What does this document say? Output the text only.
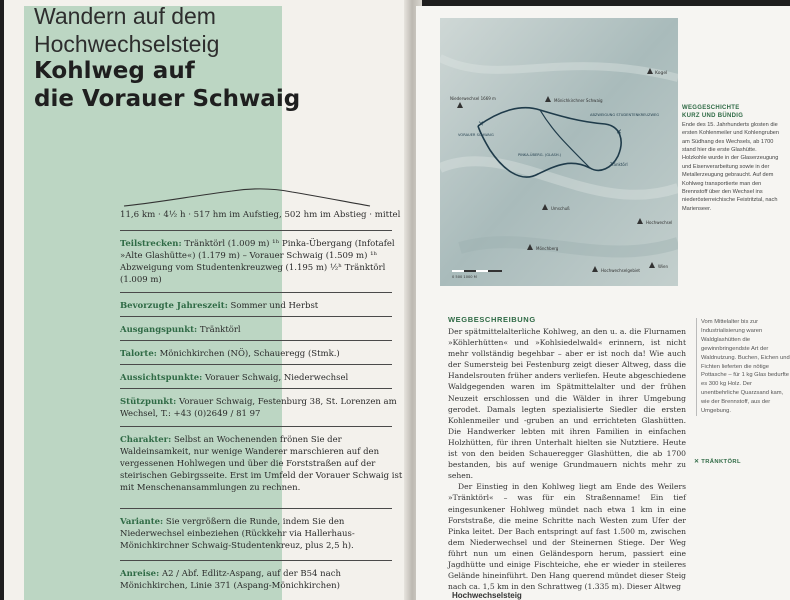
Wandern auf dem
Hochwechselsteig
Kohlweg auf
die Vorauer Schwaig
11,6 km · 4½ h · 517 hm im Aufstieg, 502 hm im Abstieg · mittel
Teilstrecken: Tränktörl (1.009 m) ¹ʰ Pinka-Übergang (Infotafel »Alte Glashütte«) (1.179 m) – Vorauer Schwaig (1.509 m) ¹ʰ Abzweigung vom Studentenkreuzweg (1.195 m) ½ʰ Tränktörl (1.009 m)
Bevorzugte Jahreszeit: Sommer und Herbst
Ausgangspunkt: Tränktörl
Talorte: Mönichkirchen (NÖ), Schaueregg (Stmk.)
Aussichtspunkte: Vorauer Schwaig, Niederwechsel
Stützpunkt: Vorauer Schwaig, Festenburg 38, St. Lorenzen am Wechsel, T.: +43 (0)2649 / 81 97
Charakter: Selbst an Wochenenden frönen Sie der Waldeinsamkeit, nur wenige Wanderer marschieren auf den vergessenen Hohlwegen und über die Forststraßen auf der steirischen Gebirgsseite. Erst im Umfeld der Vorauer Schwaig ist mit Menschenansammlungen zu rechnen.
Variante: Sie vergrößern die Runde, indem Sie den Niederwechsel einbeziehen (Rückkehr via Hallerhaus-Mönichkirchner Schwaig-Studentenkreuz, plus 2,5 h).
Anreise: A2 / Abf. Edlitz-Aspang, auf der B54 nach Mönichkirchen, Linie 371 (Aspang-Mönichkirchen)
✕
✕
Kogel
Niederwechsel 1669 m	Mönichkirchner Schwaig
ABZWEIGUNG STUDENTENKREUZWEG
VORAUER SCHWAIG
PINKA-ÜBERG. (GLASH.)
Tränktörl
Umschuß
Hochwechsel
Mönchberg
Hochwechselgebiet
Wien
0 500 1000 M
WEGGESCHICHTE
KURZ UND BÜNDIG
Ende des 15. Jahrhunderts glosten die ersten Kohlenmeiler und Kohlengruben am Südhang des Wechsels, ab 1700 stand hier die erste Glashütte. Holzkohle wurde in der Glaserzeugung und Eisenverarbeitung sowie in der Metallerzeugung gebraucht. Auf dem Kohlweg transportierte man den Brennstoff über den Wechsel ins niederösterreichische Feistritztal, nach Marienseer.
WEGBESCHREIBUNG

Der spätmittelalterliche Kohlweg, an den u. a. die Flurnamen »Köhlerhütten« und »Kohlsiedelwald« erinnern, ist nicht mehr vollständig begehbar – aber er ist noch da! Wie auch der Sumersteig bei Festenburg zeigt dieser Altweg, dass die Handelsrouten früher anders verliefen. Heute abgeschiedene Waldgegenden waren im Spätmittelalter und der frühen Neuzeit erschlossen und die Wälder in ihrer Umgebung gerodet. Damals legten spezialisierte Siedler die ersten Kohlenmeiler und -gruben an und errichteten Glashütten. Die Handwerker lebten mit ihren Familien in einfachen Holzhütten, für ihren Unterhalt hielten sie Nutztiere. Heute ist von den beiden Schaueregger Glashütten, die ab 1700 bestanden, bis auf wenige Grundmauern nichts mehr zu sehen.

Der Einstieg in den Kohlweg liegt am Ende des Weilers »Tränktörl« – was für ein Straßenname! Ein tief eingesunkener Hohlweg mündet nach etwa 1 km in eine Forststraße, die meine Schritte nach Westen zum Ufer der Pinka leitet. Der Bach entspringt auf fast 1.500 m, zwischen dem Niederwechsel und der Steinernen Stiege. Der Weg führt nun um einen Geländesporn herum, passiert eine Jagdhütte und einige Fischteiche, ehe er wieder in steileres Gelände hineinführt. Den Hang querend mündet dieser Steig nach ca. 1,5 km in den Schrattweg (1.335 m). Dieser Altweg

Vom Mittelalter bis zur Industrialisierung waren Waldglashütten die gewinnbringendste Art der Waldnutzung. Buchen, Eichen und Fichten lieferten die nötige Pottasche – für 1 kg Glas bedurfte es 300 kg Holz. Der unentbehrliche Quarzsand kam, wie der Brennstoff, aus der Umgebung.
✕ TRÄNKTÖRL
Hochwechselsteig
